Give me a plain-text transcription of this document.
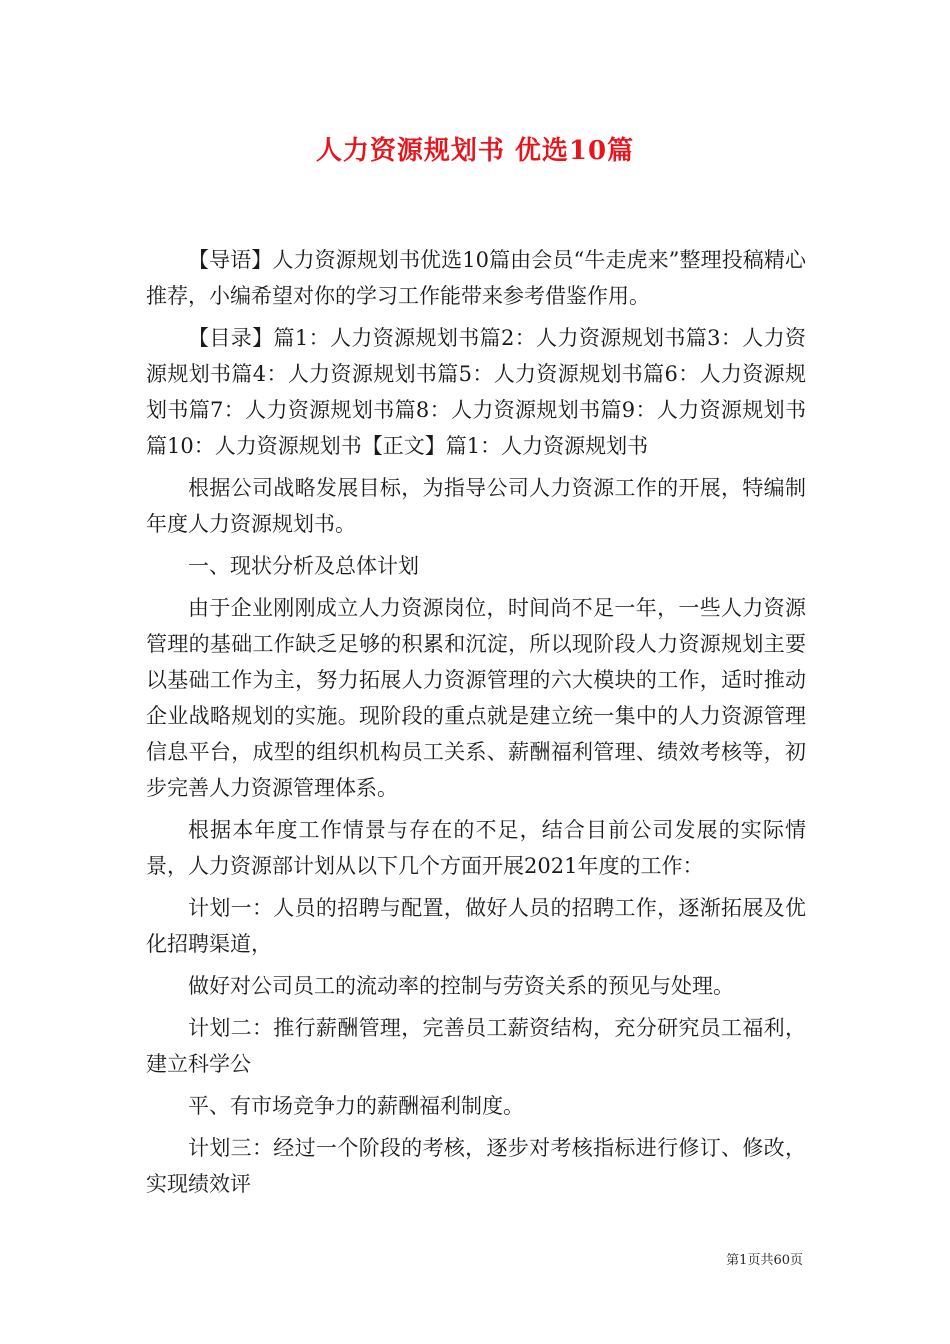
人力资源规划书 优选10篇

【导语】人力资源规划书优选10篇由会员“牛走虎来”整理投稿精心推荐，小编希望对你的学习工作能带来参考借鉴作用。

【目录】篇1：人力资源规划书篇2：人力资源规划书篇3：人力资源规划书篇4：人力资源规划书篇5：人力资源规划书篇6：人力资源规划书篇7：人力资源规划书篇8：人力资源规划书篇9：人力资源规划书篇10：人力资源规划书【正文】篇1：人力资源规划书

根据公司战略发展目标，为指导公司人力资源工作的开展，特编制年度人力资源规划书。

一、现状分析及总体计划

由于企业刚刚成立人力资源岗位，时间尚不足一年，一些人力资源管理的基础工作缺乏足够的积累和沉淀，所以现阶段人力资源规划主要以基础工作为主，努力拓展人力资源管理的六大模块的工作，适时推动企业战略规划的实施。现阶段的重点就是建立统一集中的人力资源管理信息平台，成型的组织机构员工关系、薪酬福利管理、绩效考核等，初步完善人力资源管理体系。

根据本年度工作情景与存在的不足，结合目前公司发展的实际情景，人力资源部计划从以下几个方面开展2021年度的工作：

计划一：人员的招聘与配置，做好人员的招聘工作，逐渐拓展及优化招聘渠道，

做好对公司员工的流动率的控制与劳资关系的预见与处理。

计划二：推行薪酬管理，完善员工薪资结构，充分研究员工福利，建立科学公

平、有市场竞争力的薪酬福利制度。

计划三：经过一个阶段的考核，逐步对考核指标进行修订、修改，实现绩效评

第1页共60页
